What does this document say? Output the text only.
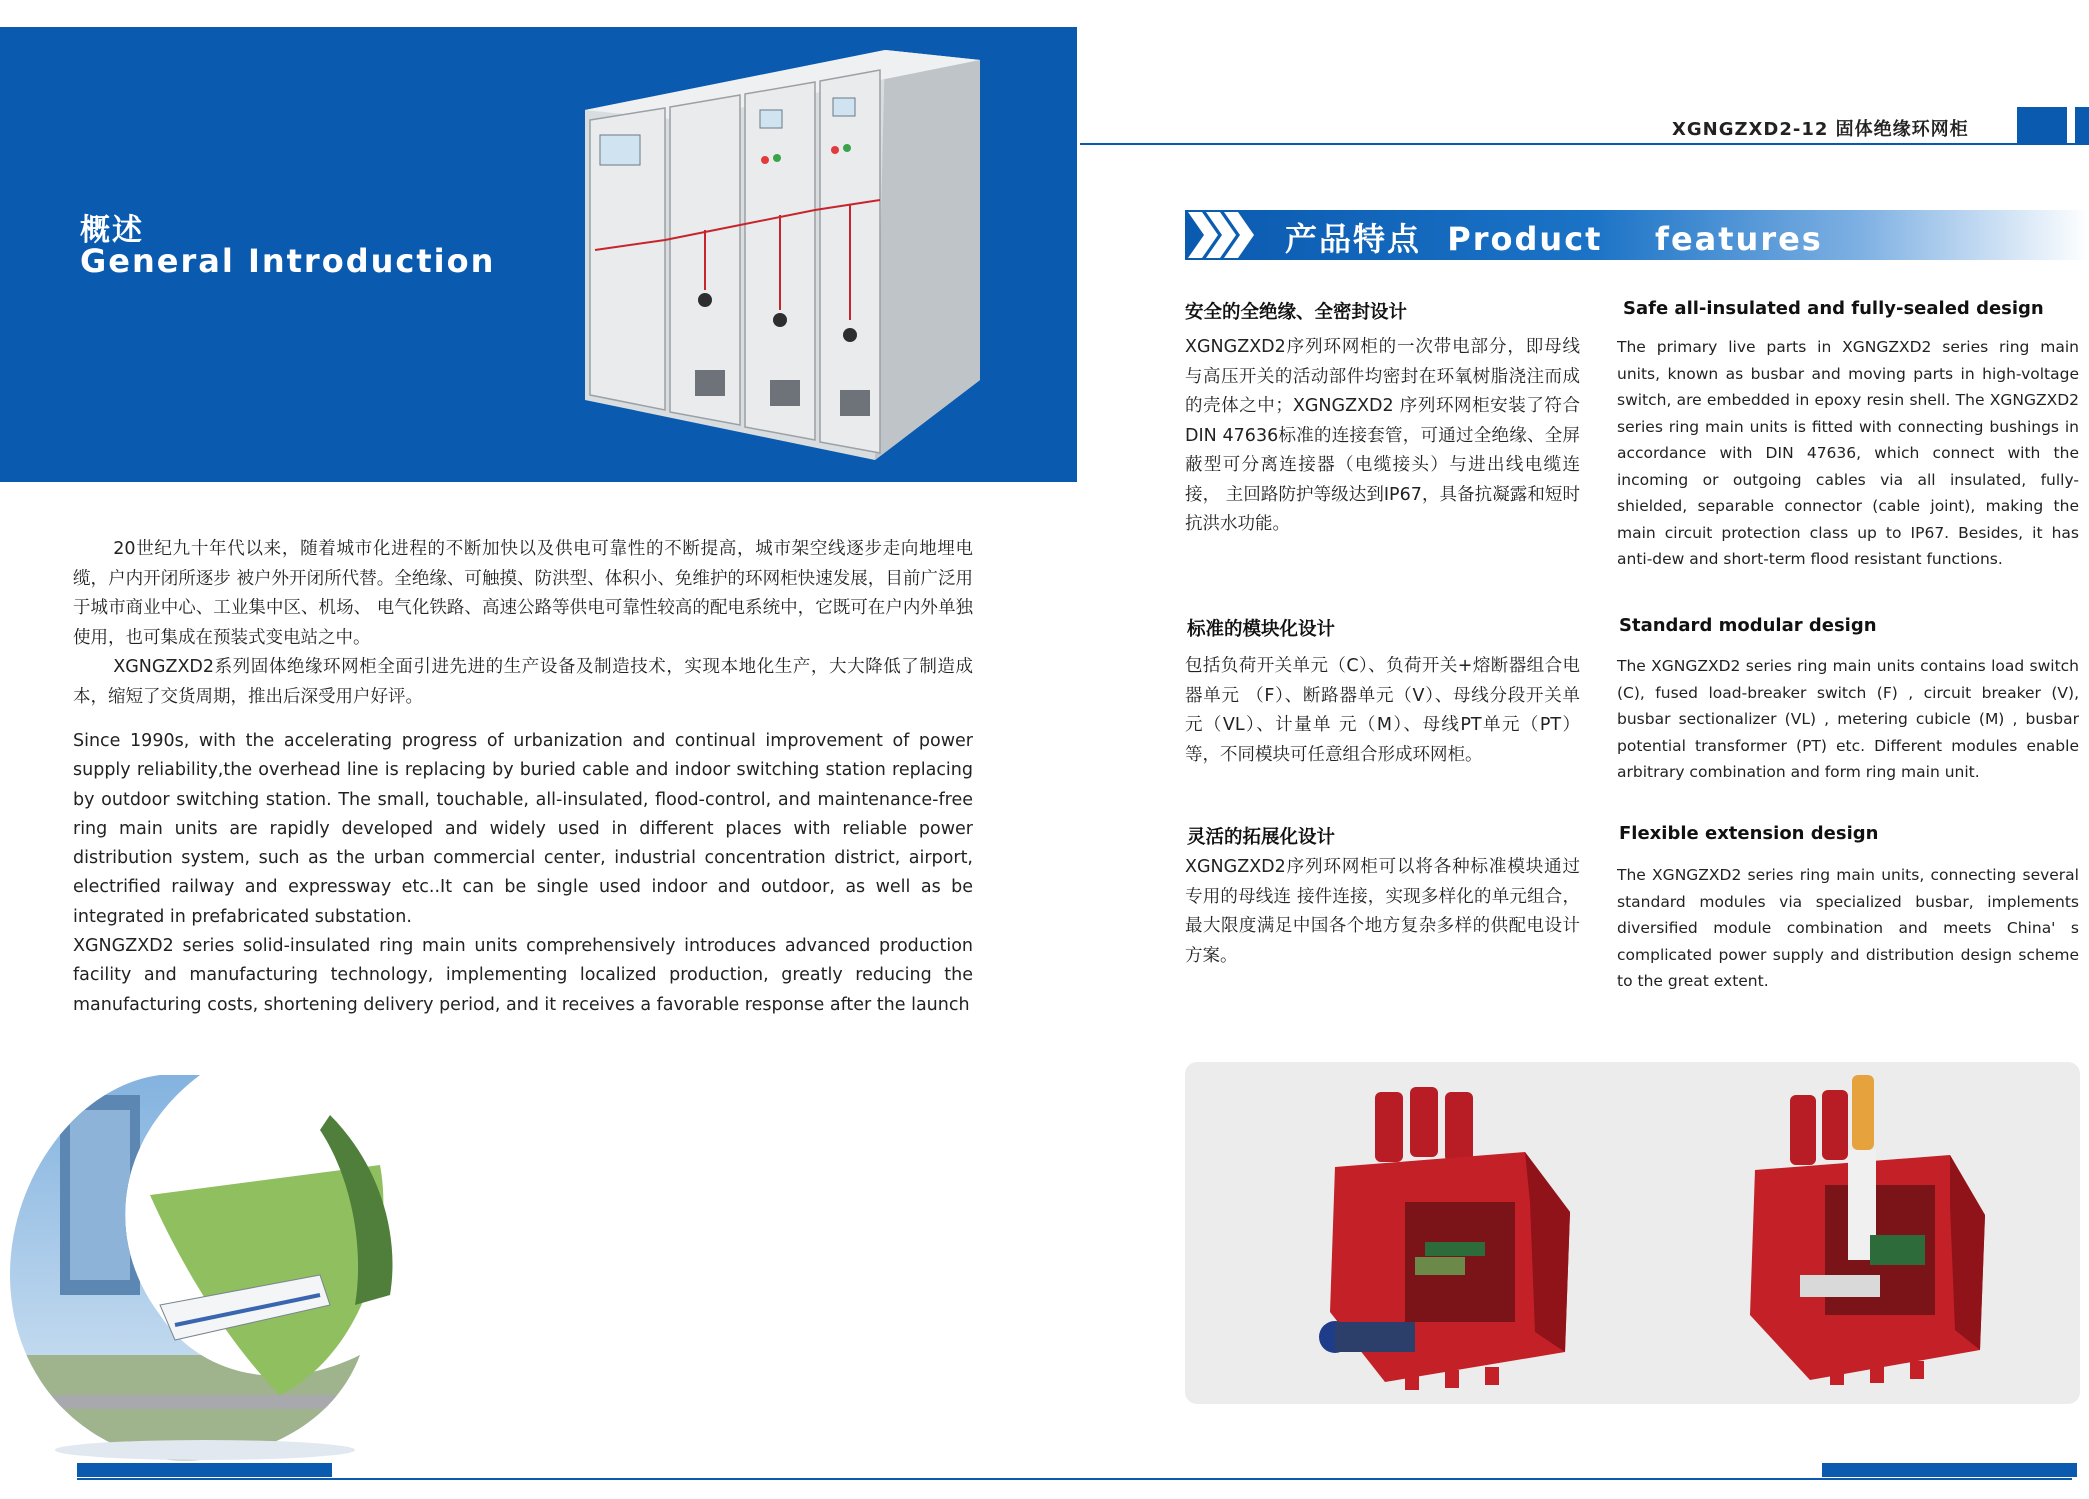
概述
General Introduction

20世纪九十年代以来，随着城市化进程的不断加快以及供电可靠性的不断提高，城市架空线逐步走向地埋电缆，户内开闭所逐步 被户外开闭所代替。全绝缘、可触摸、防洪型、体积小、免维护的环网柜快速发展，目前广泛用于城市商业中心、工业集中区、机场、 电气化铁路、高速公路等供电可靠性较高的配电系统中，它既可在户内外单独使用，也可集成在预装式变电站之中。

XGNGZXD2系列固体绝缘环网柜全面引进先进的生产设备及制造技术，实现本地化生产，大大降低了制造成本，缩短了交货周期，推出后深受用户好评。

Since 1990s, with the accelerating progress of urbanization and continual improvement of power supply reliability,the overhead line is replacing by buried cable and indoor switching station replacing by outdoor switching station. The small, touchable, all-insulated, flood-control, and maintenance-free ring main units are rapidly developed and widely used in different places with reliable power distribution system, such as the urban commercial center, industrial concentration district, airport, electrified railway and expressway etc..It can be single used indoor and outdoor, as well as be integrated in prefabricated substation.

XGNGZXD2 series solid-insulated ring main units comprehensively introduces advanced production facility and manufacturing technology, implementing localized production, greatly reducing the manufacturing costs, shortening delivery period, and it receives a favorable response after the launch

XGNGZXD2-12 固体绝缘环网柜
产品特点  Product    features
安全的全绝缘、全密封设计
XGNGZXD2序列环网柜的一次带电部分，即母线与高压开关的活动部件均密封在环氧树脂浇注而成的壳体之中；XGNGZXD2 序列环网柜安装了符合DIN 47636标准的连接套管，可通过全绝缘、全屏蔽型可分离连接器（电缆接头）与进出线电缆连接， 主回路防护等级达到IP67，具备抗凝露和短时抗洪水功能。
Safe all-insulated and fully-sealed design
The primary live parts in XGNGZXD2 series ring main units, known as busbar and moving parts in high-voltage switch, are embedded in epoxy resin shell. The XGNGZXD2 series ring main units is fitted with connecting bushings in accordance with DIN 47636, which connect with the incoming or outgoing cables via all insulated, fully-shielded, separable connector (cable joint), making the main circuit protection class up to IP67. Besides, it has anti-dew and short-term flood resistant functions.
标准的模块化设计
包括负荷开关单元（C）、负荷开关+熔断器组合电器单元 （F）、断路器单元（V）、母线分段开关单元（VL）、计量单 元（M）、母线PT单元（PT）等，不同模块可任意组合形成环网柜。
Standard modular design
The XGNGZXD2 series ring main units contains load switch (C), fused load-breaker switch (F) , circuit breaker (V), busbar sectionalizer (VL) , metering cubicle (M) , busbar potential transformer (PT) etc. Different modules enable arbitrary combination and form ring main unit.
灵活的拓展化设计
XGNGZXD2序列环网柜可以将各种标准模块通过专用的母线连 接件连接，实现多样化的单元组合，最大限度满足中国各个地方复杂多样的供配电设计方案。
Flexible extension design
The XGNGZXD2 series ring main units, connecting several standard modules via specialized busbar, implements diversified module combination and meets China' s complicated power supply and distribution design scheme to the great extent.
